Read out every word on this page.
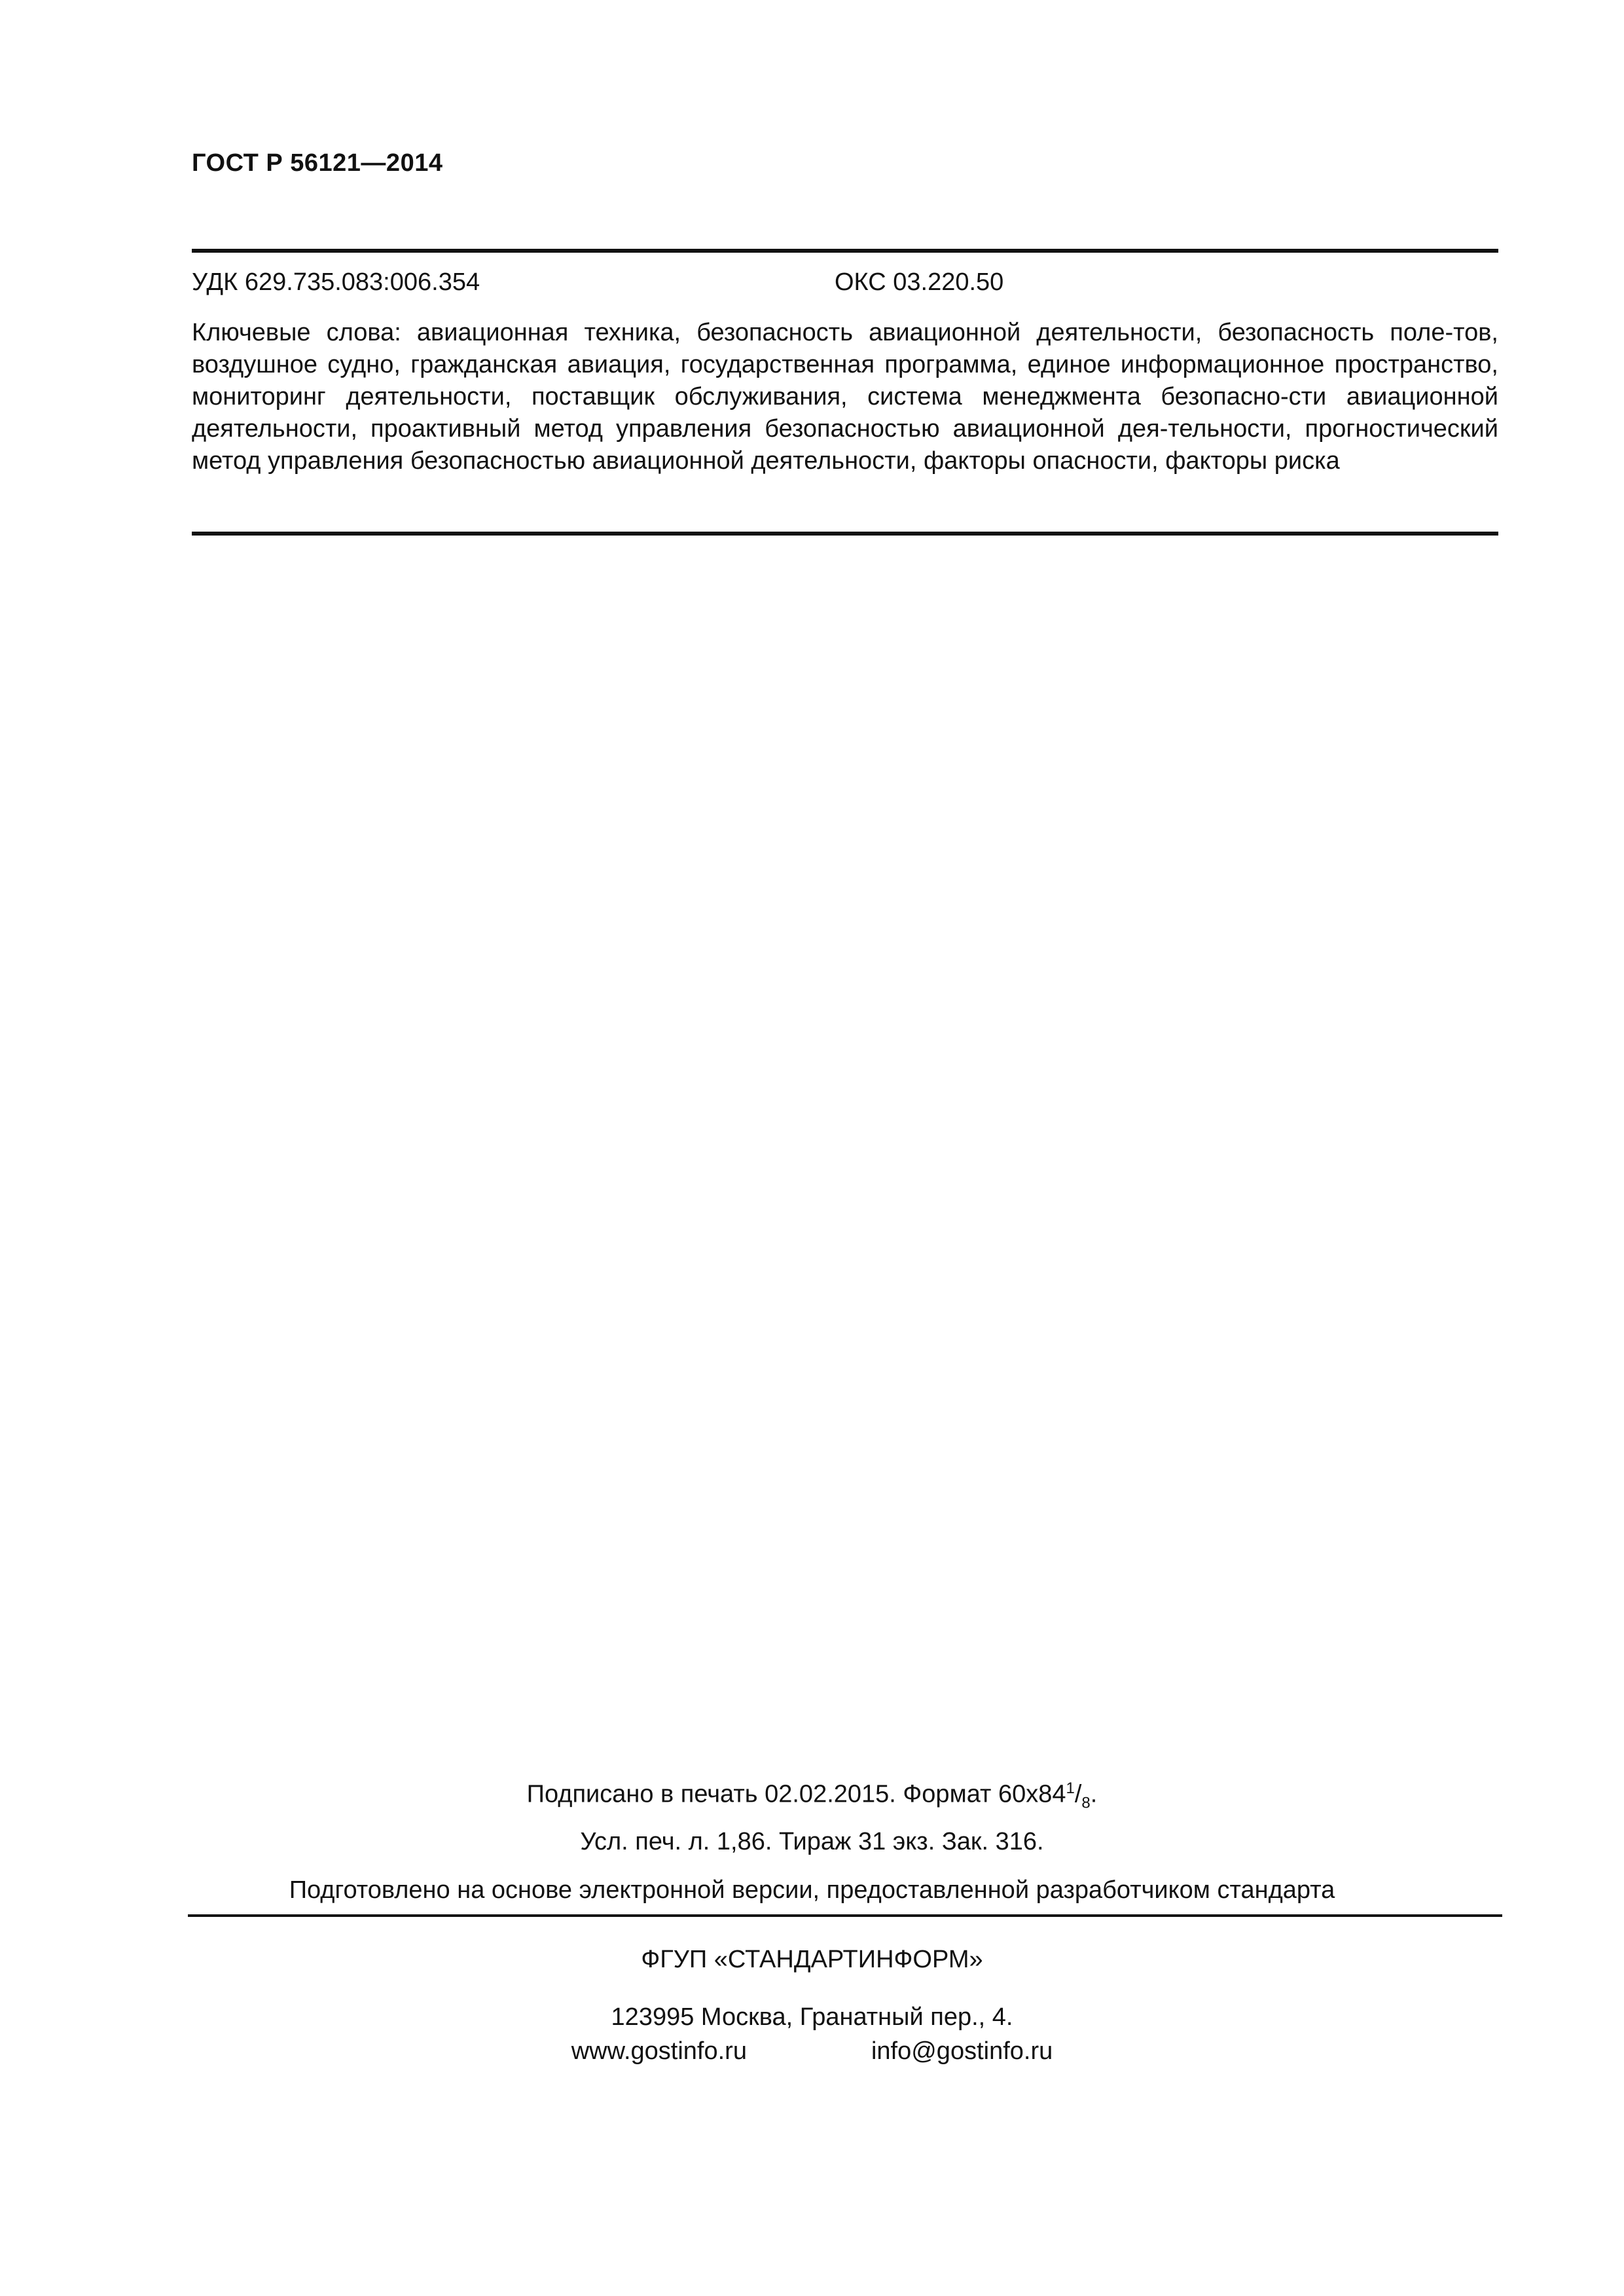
ГОСТ Р 56121—2014
УДК 629.735.083:006.354	ОКС 03.220.50
Ключевые слова: авиационная техника, безопасность авиационной деятельности, безопасность поле-тов, воздушное судно, гражданская авиация, государственная программа, единое информационное пространство, мониторинг деятельности, поставщик обслуживания, система менеджмента безопасно-сти авиационной деятельности, проактивный метод управления безопасностью авиационной дея-тельности, прогностический метод управления безопасностью авиационной деятельности, факторы опасности, факторы риска
Подписано в печать 02.02.2015. Формат $60х84^1/_8$.
Усл. печ. л. 1,86. Тираж 31 экз. Зак. 316.
Подготовлено на основе электронной версии, предоставленной разработчиком стандарта
ФГУП «СТАНДАРТИНФОРМ»
123995 Москва, Гранатный пер., 4.
www.gostinfo.ru	info@gostinfo.ru
